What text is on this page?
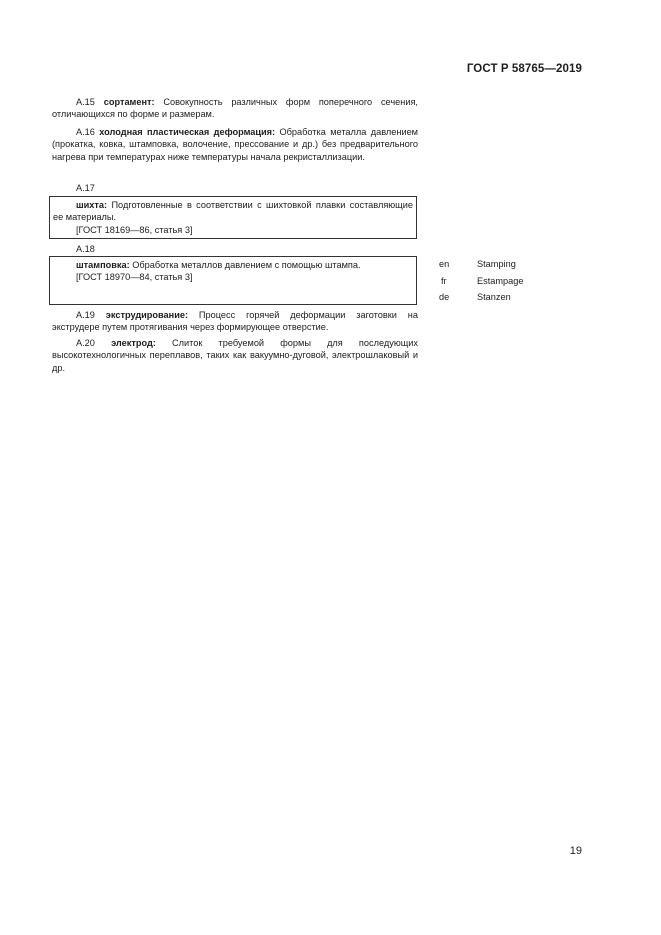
ГОСТ Р 58765—2019

А.15 сортамент: Совокупность различных форм поперечного сечения, отличающихся по форме и размерам.

А.16 холодная пластическая деформация: Обработка металла давлением (прокатка, ковка, штамповка, волочение, прессование и др.) без предварительного нагрева при температурах ниже температуры начала рекристаллизации.

А.17

шихта: Подготовленные в соответствии с шихтовкой плавки составляющие ее материалы.

[ГОСТ 18169—86, статья 3]
А.18

штамповка: Обработка металлов давлением с помощью штампа.

[ГОСТ 18970—84, статья 3]
en	Stamping
fr	Estampage
de	Stanzen

А.19 экструдирование: Процесс горячей деформации заготовки на экструдере путем протягивания через формирующее отверстие.

А.20 электрод: Слиток требуемой формы для последующих высокотехнологичных переплавов, таких как вакуумно-дуговой, электрошлаковый и др.

19
